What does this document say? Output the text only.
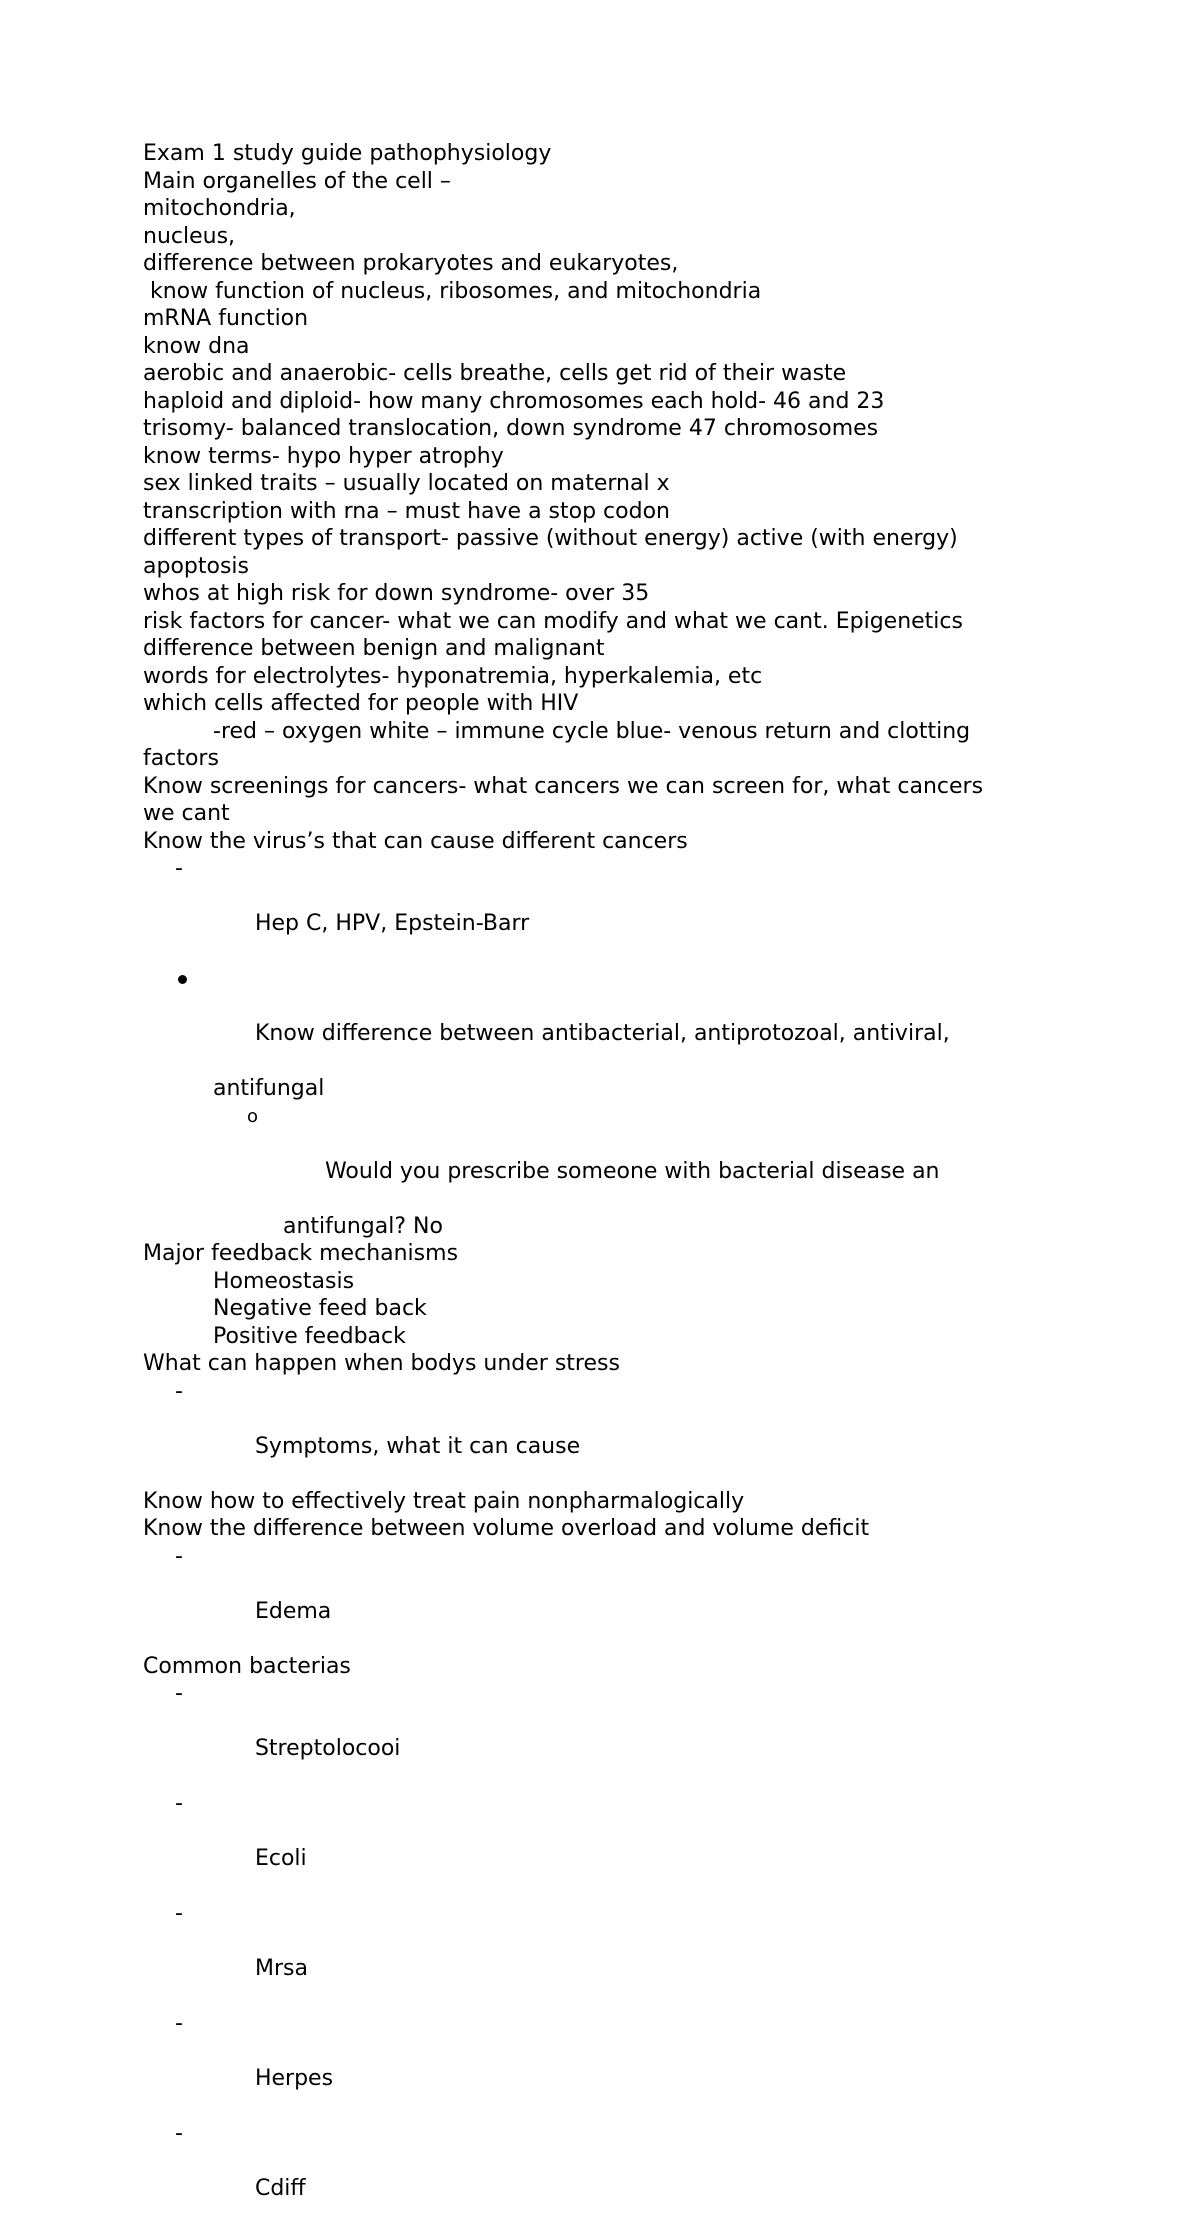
Exam 1 study guide pathophysiology
Main organelles of the cell –
mitochondria,
nucleus,
difference between prokaryotes and eukaryotes,
know function of nucleus, ribosomes, and mitochondria
mRNA function
know dna
aerobic and anaerobic- cells breathe, cells get rid of their waste
haploid and diploid- how many chromosomes each hold- 46 and 23
trisomy- balanced translocation, down syndrome 47 chromosomes
know terms- hypo hyper atrophy
sex linked traits – usually located on maternal x
transcription with rna – must have a stop codon
different types of transport- passive (without energy) active (with energy)
apoptosis
whos at high risk for down syndrome- over 35
risk factors for cancer- what we can modify and what we cant. Epigenetics
difference between benign and malignant
words for electrolytes- hyponatremia, hyperkalemia, etc
which cells affected for people with HIV
-red – oxygen white – immune cycle blue- venous return and clotting
factors
Know screenings for cancers- what cancers we can screen for, what cancers
we cant
Know the virus’s that can cause different cancers

-

Hep C, HPV, Epstein-Barr

Know difference between antibacterial, antiprotozoal, antiviral,

antifungal

o

Would you prescribe someone with bacterial disease an

antifungal? No
Major feedback mechanisms
Homeostasis
Negative feed back
Positive feedback
What can happen when bodys under stress

-

Symptoms, what it can cause

Know how to effectively treat pain nonpharmalogically
Know the difference between volume overload and volume deficit

-

Edema

Common bacterias

-

Streptolocooi

-

Ecoli

-

Mrsa

-

Herpes

-

Cdiff
